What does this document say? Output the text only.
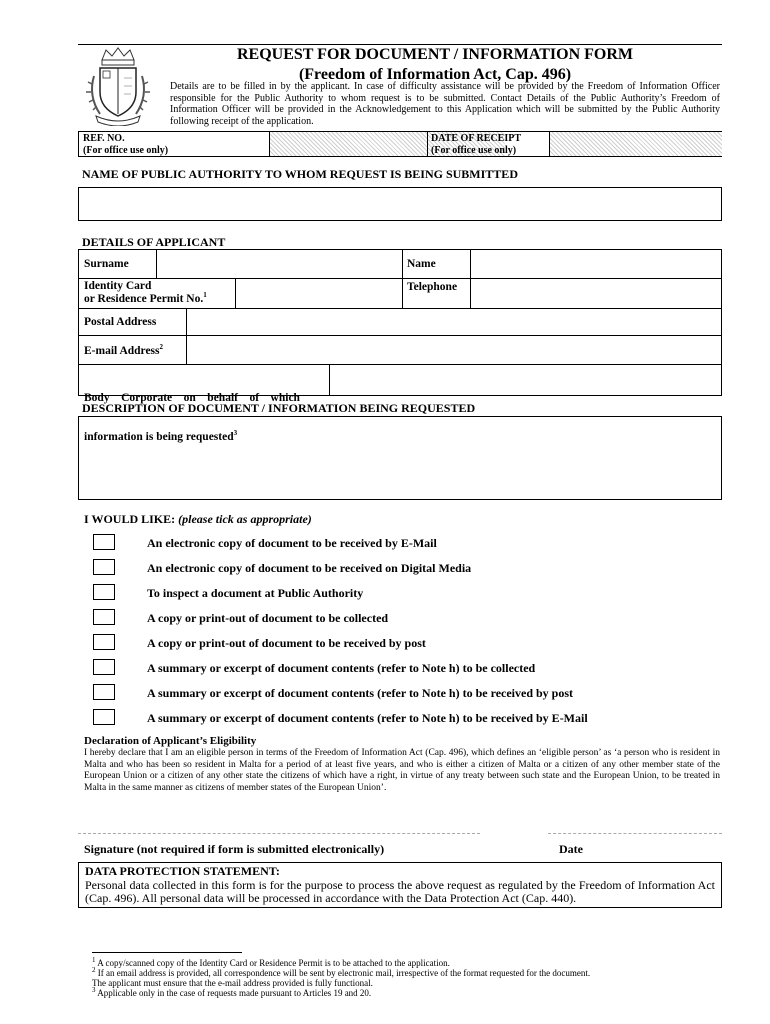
REQUEST FOR DOCUMENT / INFORMATION FORM
(Freedom of Information Act, Cap. 496)
Details are to be filled in by the applicant. In case of difficulty assistance will be provided by the Freedom of Information Officer responsible for the Public Authority to whom request is to be submitted. Contact Details of the Public Authority’s Freedom of Information Officer will be provided in the Acknowledgement to this Application which will be submitted by the Public Authority following receipt of the application.
REF. NO.
(For office use only)
DATE OF RECEIPT
(For office use only)
NAME OF PUBLIC AUTHORITY TO WHOM REQUEST IS BEING SUBMITTED
DETAILS OF APPLICANT
Surname	Name
Identity Card
or Residence Permit No.$^1$
Telephone
Postal Address
E-mail Address$^2$

Body    Corporate    on    behalf    of    which

information is being requested$^3$

DESCRIPTION OF DOCUMENT / INFORMATION BEING REQUESTED
I WOULD LIKE: (please tick as appropriate)
An electronic copy of document to be received by E-Mail
An electronic copy of document to be received on Digital Media
To inspect a document at Public Authority
A copy or print-out of document to be collected
A copy or print-out of document to be received by post
A summary or excerpt of document contents (refer to Note h) to be collected
A summary or excerpt of document contents (refer to Note h) to be received by post
A summary or excerpt of document contents (refer to Note h) to be received by E-Mail
Declaration of Applicant’s Eligibility
I hereby declare that I am an eligible person in terms of the Freedom of Information Act (Cap. 496), which defines an ‘eligible person’ as ‘a person who is resident in Malta and who has been so resident in Malta for a period of at least five years, and who is either a citizen of Malta or a citizen of any other member state of the European Union or a citizen of any other state the citizens of which have a right, in virtue of any treaty between such state and the European Union, to be treated in Malta in the same manner as citizens of member states of the European Union’.
Signature (not required if form is submitted electronically)	Date
DATA PROTECTION STATEMENT:
Personal data collected in this form is for the purpose to process the above request as regulated by the Freedom of Information Act (Cap. 496). All personal data will be processed in accordance with the Data Protection Act (Cap. 440).
$^1$ A copy/scanned copy of the Identity Card or Residence Permit is to be attached to the application.
$^2$ If an email address is provided, all correspondence will be sent by electronic mail, irrespective of the format requested for the document.
The applicant must ensure that the e-mail address provided is fully functional.
$^3$ Applicable only in the case of requests made pursuant to Articles 19 and 20.
